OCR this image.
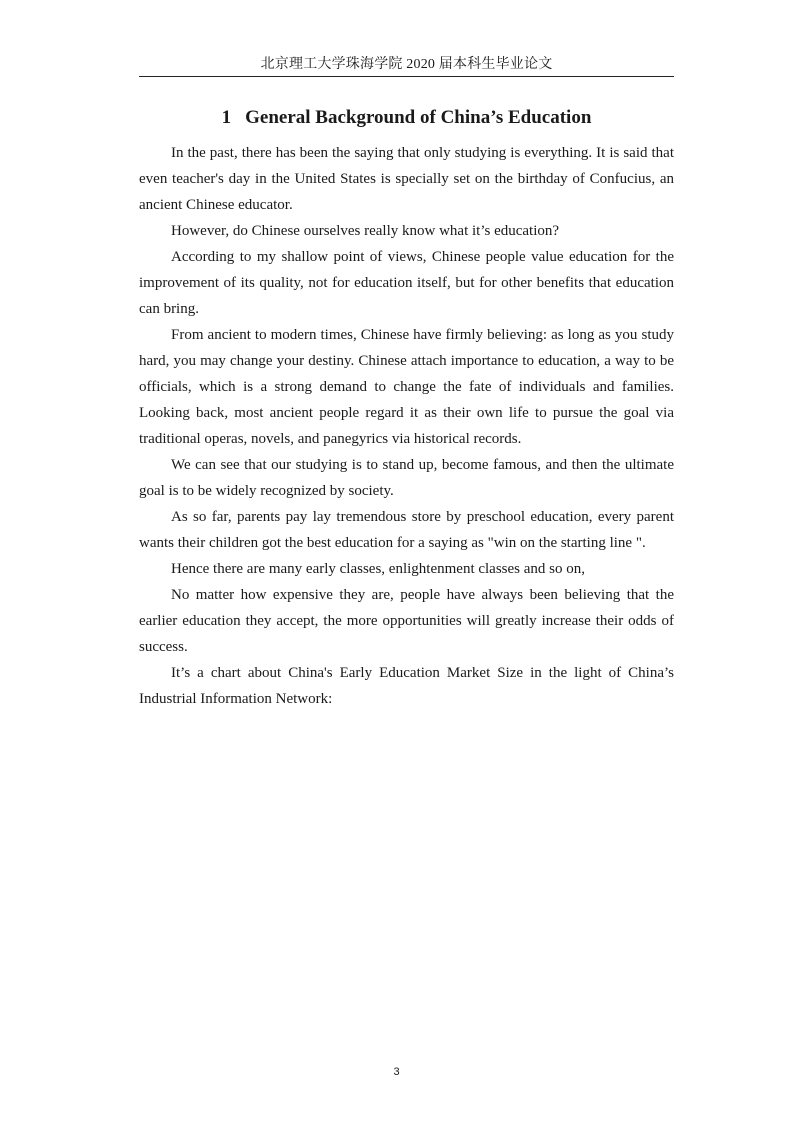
北京理工大学珠海学院 2020 届本科生毕业论文
1 General Background of China’s Education

In the past, there has been the saying that only studying is everything. It is said that even teacher's day in the United States is specially set on the birthday of Confucius, an ancient Chinese educator.

However, do Chinese ourselves really know what it’s education?

According to my shallow point of views, Chinese people value education for the improvement of its quality, not for education itself, but for other benefits that education can bring.

From ancient to modern times, Chinese have firmly believing: as long as you study hard, you may change your destiny. Chinese attach importance to education, a way to be officials, which is a strong demand to change the fate of individuals and families. Looking back, most ancient people regard it as their own life to pursue the goal via traditional operas, novels, and panegyrics via historical records.

We can see that our studying is to stand up, become famous, and then the ultimate goal is to be widely recognized by society.

As so far, parents pay lay tremendous store by preschool education, every parent wants their children got the best education for a saying as "win on the starting line ".

Hence there are many early classes, enlightenment classes and so on,

No matter how expensive they are, people have always been believing that the earlier education they accept, the more opportunities will greatly increase their odds of success.

It’s a chart about China's Early Education Market Size in the light of China’s Industrial Information Network:

3
